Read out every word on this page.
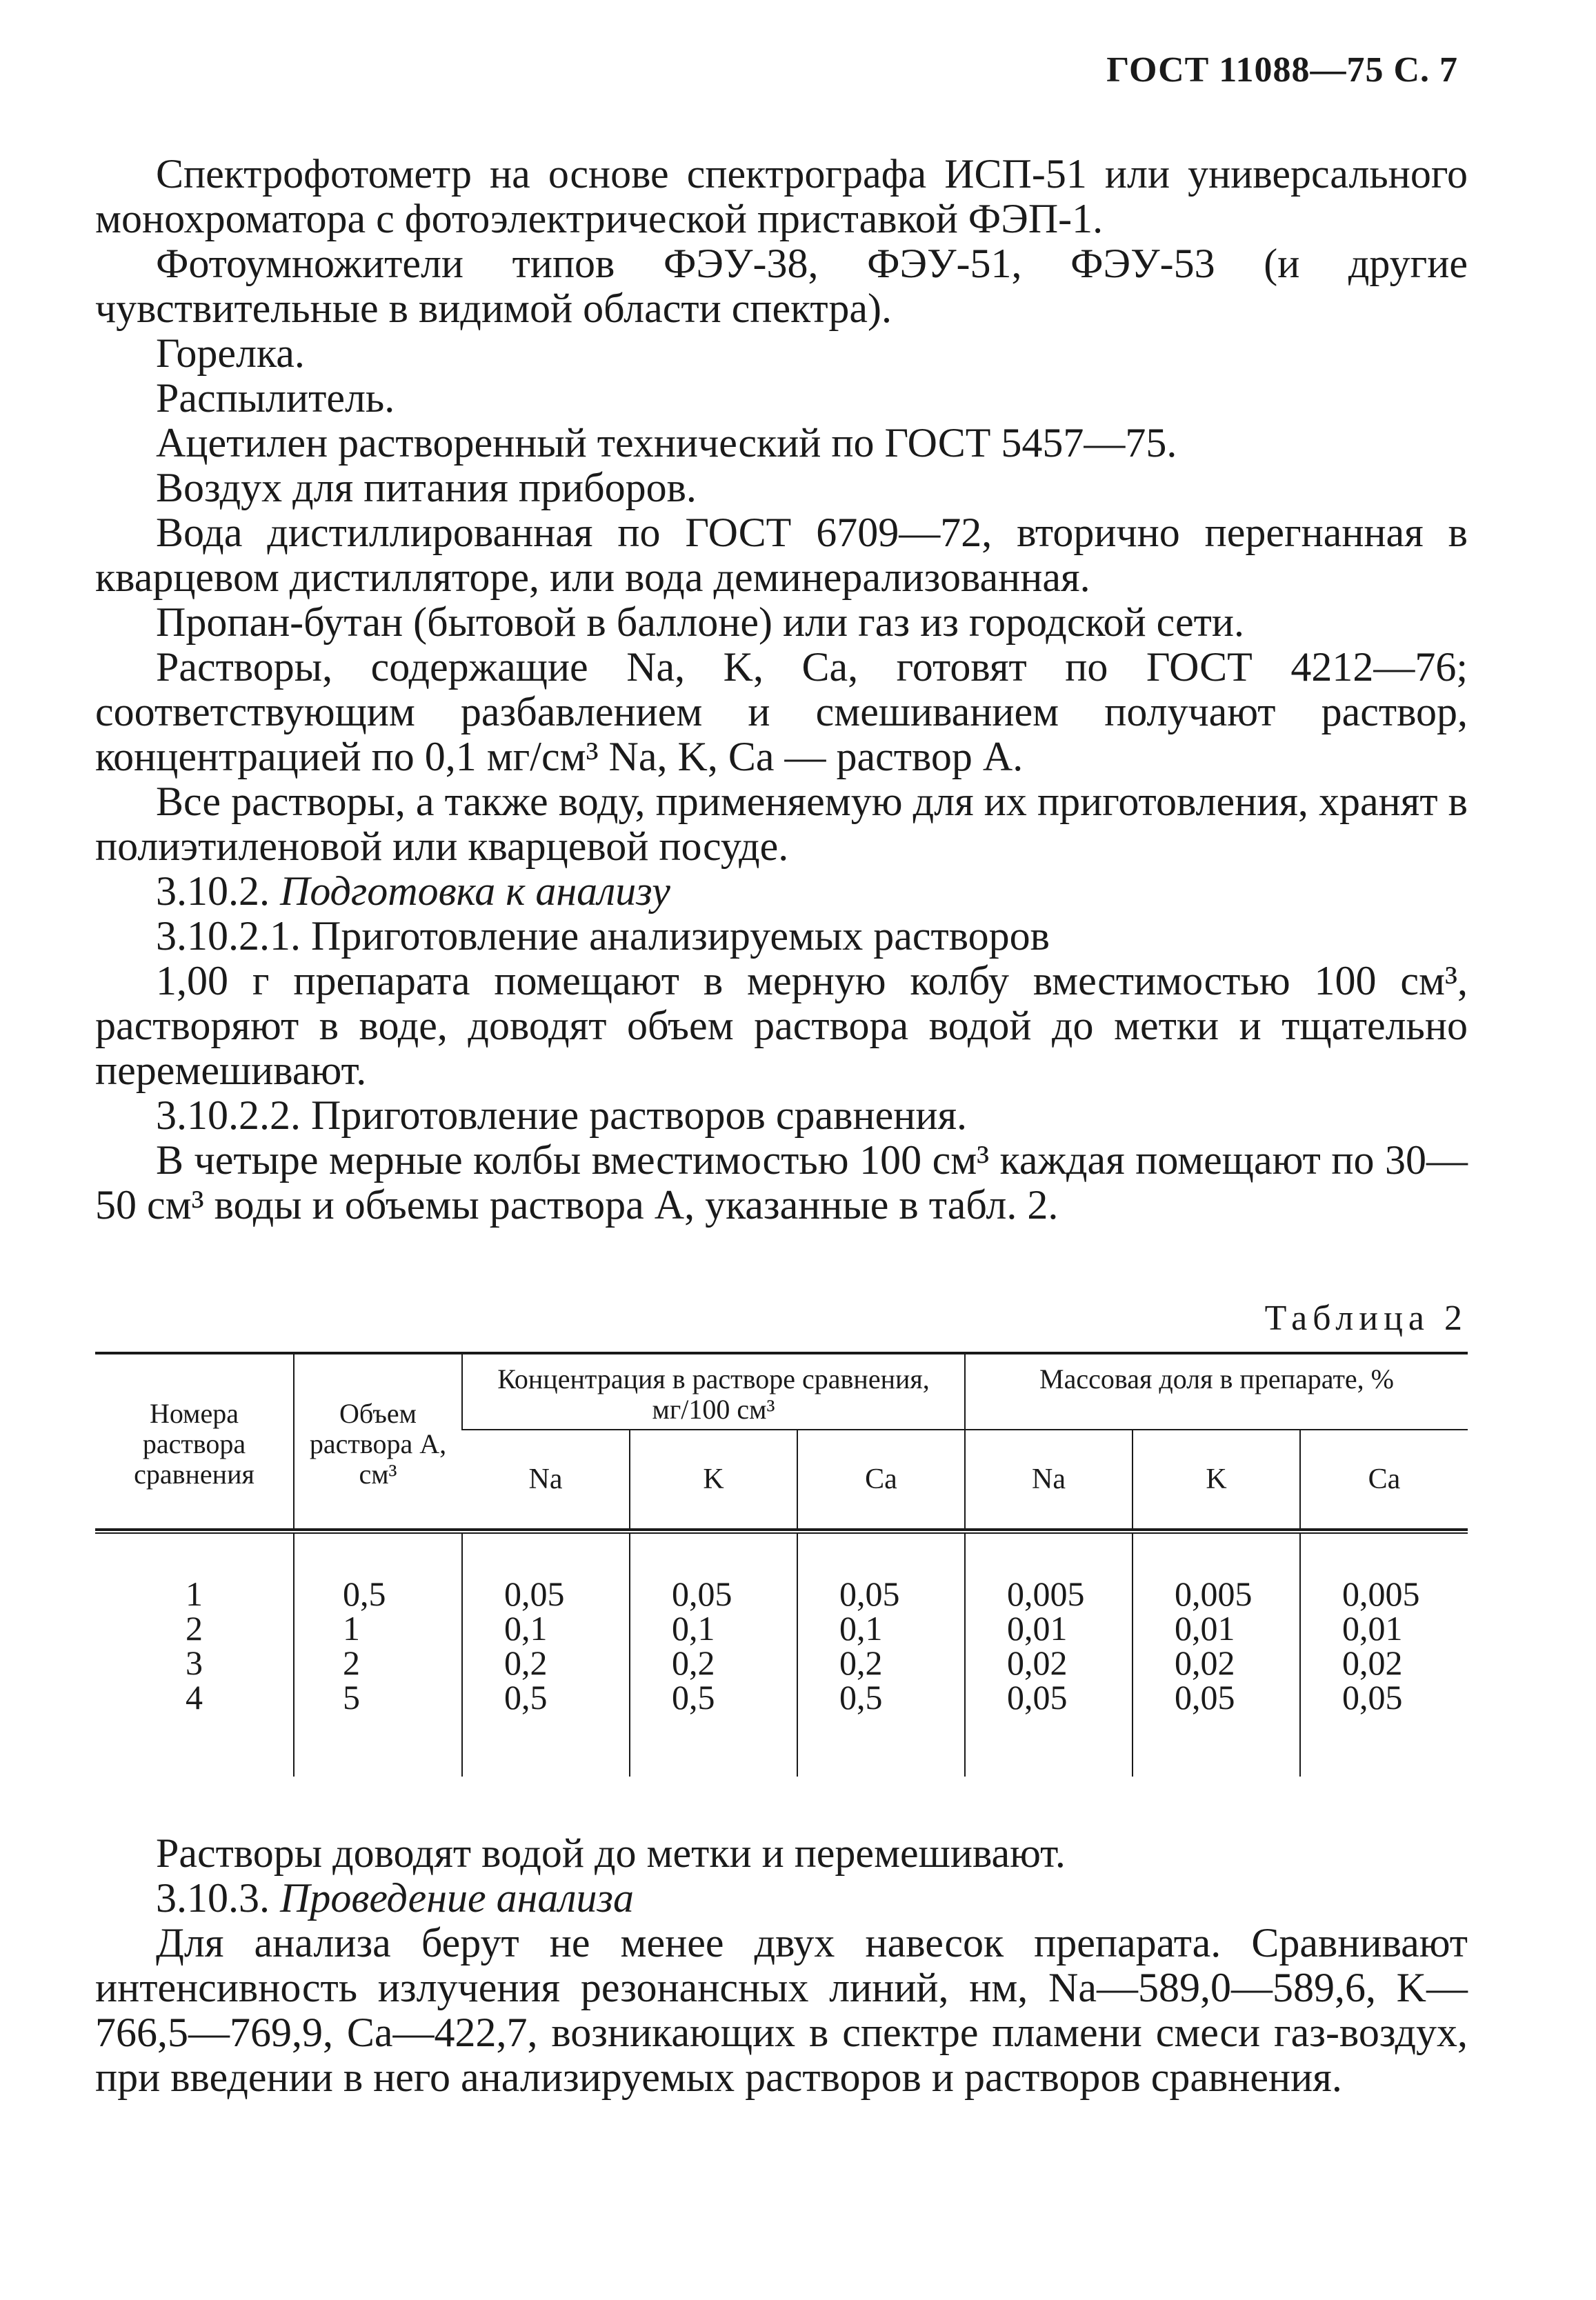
ГОСТ 11088—75 С. 7

Спектрофотометр на основе спектрографа ИСП-51 или универсального монохроматора с фотоэлектрической приставкой ФЭП-1.

Фотоумножители типов ФЭУ-38, ФЭУ-51, ФЭУ-53 (и другие чувствительные в видимой области спектра).

Горелка.

Распылитель.

Ацетилен растворенный технический по ГОСТ 5457—75.

Воздух для питания приборов.

Вода дистиллированная по ГОСТ 6709—72, вторично перегнанная в кварцевом дистилляторе, или вода деминерализованная.

Пропан-бутан (бытовой в баллоне) или газ из городской сети.

Растворы, содержащие Na, K, Ca, готовят по ГОСТ 4212—76; соответствующим разбавлением и смешиванием получают раствор, концентрацией по 0,1 мг/см³ Na, K, Ca — раствор А.

Все растворы, а также воду, применяемую для их приготовления, хранят в полиэтиленовой или кварцевой посуде.

3.10.2. Подготовка к анализу

3.10.2.1. Приготовление анализируемых растворов

1,00 г препарата помещают в мерную колбу вместимостью 100 см³, растворяют в воде, доводят объем раствора водой до метки и тщательно перемешивают.

3.10.2.2. Приготовление растворов сравнения.

В четыре мерные колбы вместимостью 100 см³ каждая помещают по 30—50 см³ воды и объемы раствора А, указанные в табл. 2.

Таблица 2
Номера раствора сравнения	Объем раствора А, см³	Концентрация в растворе сравнения, мг/100 см³			Массовая доля в препарате, %		
		Na	K	Ca	Na	K	Ca

1	0,5	0,05	0,05	0,05	0,005	0,005	0,005
2	1	0,1	0,1	0,1	0,01	0,01	0,01
3	2	0,2	0,2	0,2	0,02	0,02	0,02
4	5	0,5	0,5	0,5	0,05	0,05	0,05

Растворы доводят водой до метки и перемешивают.

3.10.3. Проведение анализа

Для анализа берут не менее двух навесок препарата. Сравнивают интенсивность излучения резонансных линий, нм, Na—589,0—589,6, K—766,5—769,9, Ca—422,7, возникающих в спектре пламени смеси газ-воздух, при введении в него анализируемых растворов и растворов сравнения.
